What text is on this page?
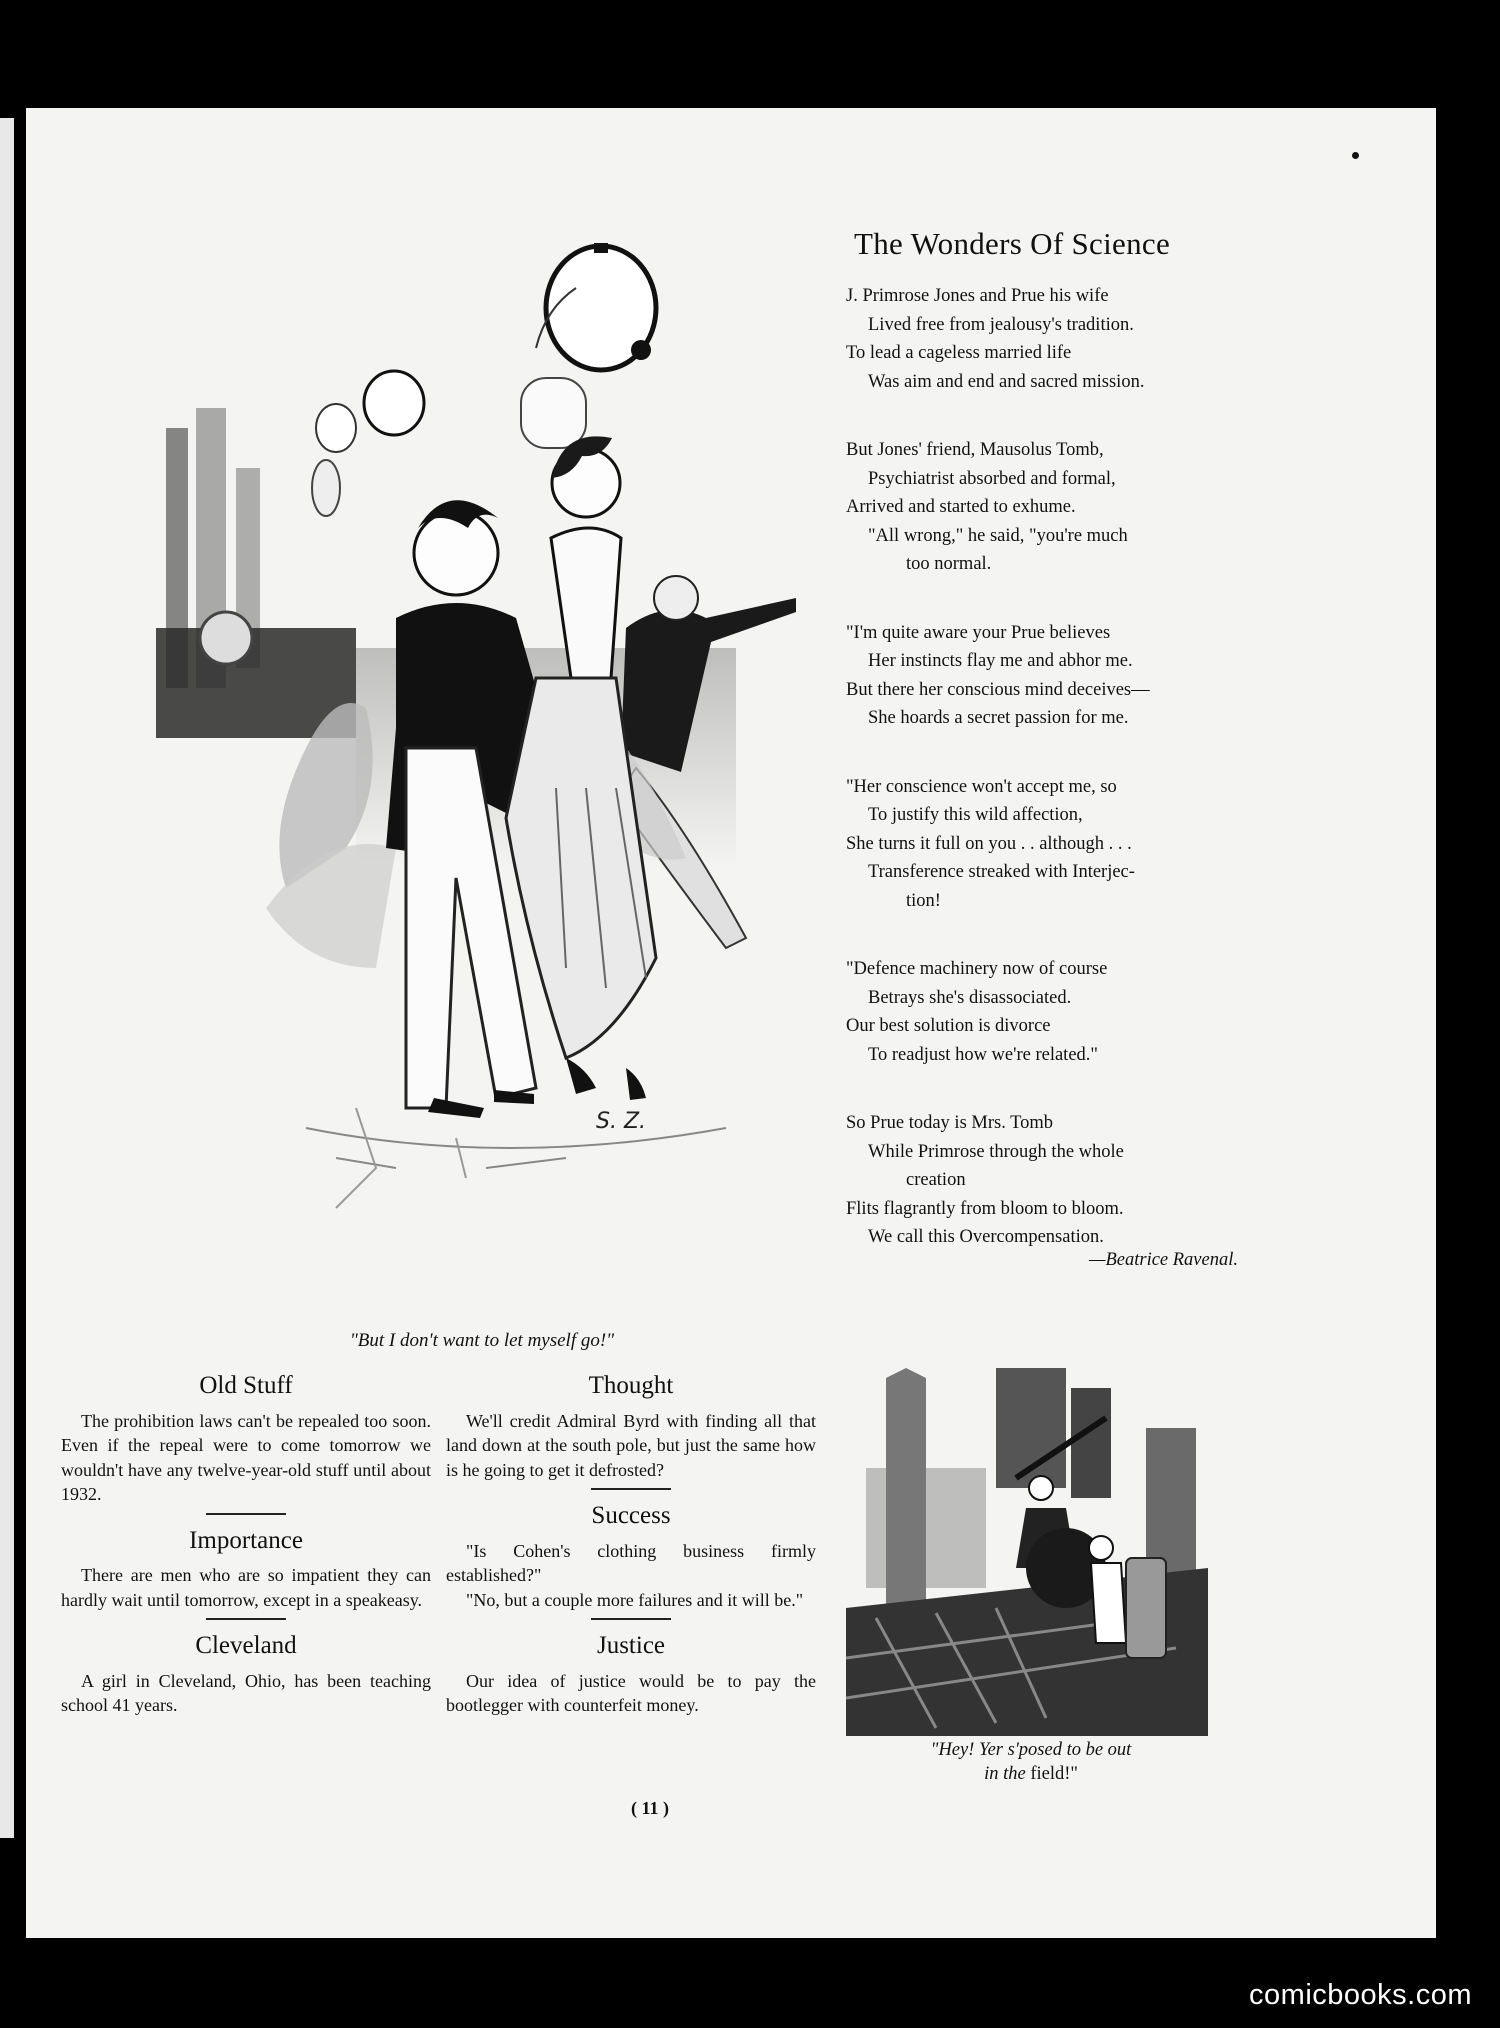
S. Z.
"But I don't want to let myself go!"
The Wonders Of Science
J. Primrose Jones and Prue his wife
Lived free from jealousy's tradition.
To lead a cageless married life
Was aim and end and sacred mission.
But Jones' friend, Mausolus Tomb,
Psychiatrist absorbed and formal,
Arrived and started to exhume.
"All wrong," he said, "you're much
too normal.
"I'm quite aware your Prue believes
Her instincts flay me and abhor me.
But there her conscious mind deceives—
She hoards a secret passion for me.
"Her conscience won't accept me, so
To justify this wild affection,
She turns it full on you . . although . . .
Transference streaked with Interjec-
tion!
"Defence machinery now of course
Betrays she's disassociated.
Our best solution is divorce
To readjust how we're related."
So Prue today is Mrs. Tomb
While Primrose through the whole
creation
Flits flagrantly from bloom to bloom.
We call this Overcompensation.
—Beatrice Ravenal.
Old Stuff

The prohibition laws can't be repealed too soon. Even if the repeal were to come tomorrow we wouldn't have any twelve-year-old stuff until about 1932.

Importance

There are men who are so impatient they can hardly wait until tomorrow, except in a speakeasy.

Cleveland

A girl in Cleveland, Ohio, has been teaching school 41 years.

Thought

We'll credit Admiral Byrd with finding all that land down at the south pole, but just the same how is he going to get it defrosted?

Success

"Is Cohen's clothing business firmly established?"

"No, but a couple more failures and it will be."

Justice

Our idea of justice would be to pay the bootlegger with counterfeit money.

"Hey! Yer s'posed to be out
in the field!"
( 11 )
comicbooks.com
